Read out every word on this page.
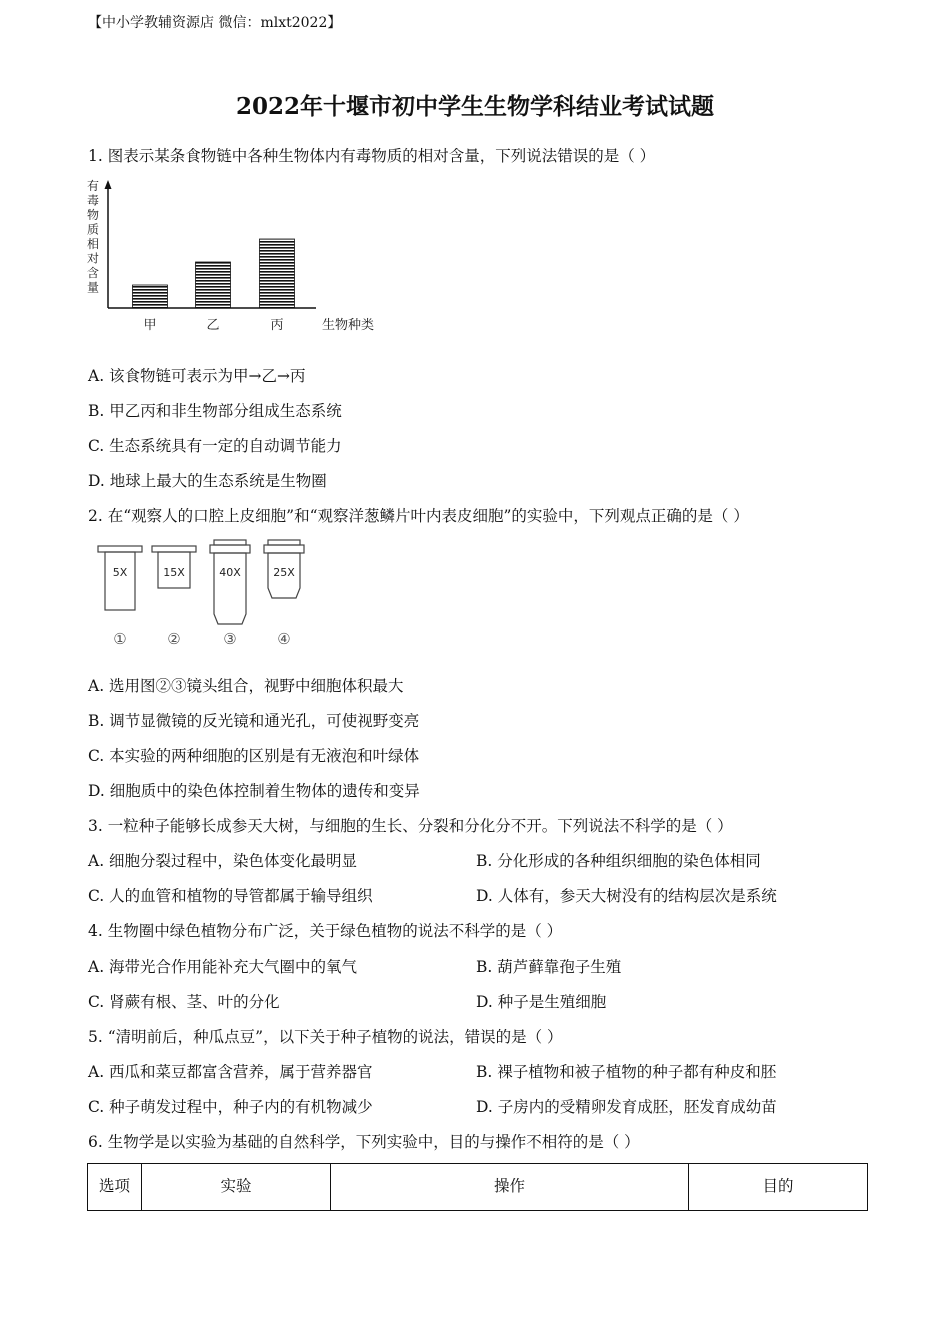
【中小学教辅资源店 微信：mlxt2022】
2022年十堰市初中学生生物学科结业考试试题
1. 图表示某条食物链中各种生物体内有毒物质的相对含量，下列说法错误的是（ ）
有
毒
物
质
相
对
含
量
甲	乙	丙	生物种类
A. 该食物链可表示为甲→乙→丙
B. 甲乙丙和非生物部分组成生态系统
C. 生态系统具有一定的自动调节能力
D. 地球上最大的生态系统是生物圈
2. 在“观察人的口腔上皮细胞”和“观察洋葱鳞片叶内表皮细胞”的实验中，下列观点正确的是（ ）
5X	15X	40X	25X
①	②	③	④
A. 选用图②③镜头组合，视野中细胞体积最大
B. 调节显微镜的反光镜和通光孔，可使视野变亮
C. 本实验的两种细胞的区别是有无液泡和叶绿体
D. 细胞质中的染色体控制着生物体的遗传和变异
3. 一粒种子能够长成参天大树，与细胞的生长、分裂和分化分不开。下列说法不科学的是（ ）
A. 细胞分裂过程中，染色体变化最明显	B. 分化形成的各种组织细胞的染色体相同
C. 人的血管和植物的导管都属于输导组织	D. 人体有，参天大树没有的结构层次是系统
4. 生物圈中绿色植物分布广泛，关于绿色植物的说法不科学的是（ ）
A. 海带光合作用能补充大气圈中的氧气	B. 葫芦藓靠孢子生殖
C. 肾蕨有根、茎、叶的分化	D. 种子是生殖细胞
5. “清明前后，种瓜点豆”，以下关于种子植物的说法，错误的是（ ）
A. 西瓜和菜豆都富含营养，属于营养器官	B. 裸子植物和被子植物的种子都有种皮和胚
C. 种子萌发过程中，种子内的有机物减少	D. 子房内的受精卵发育成胚，胚发育成幼苗
6. 生物学是以实验为基础的自然科学，下列实验中，目的与操作不相符的是（ ）
选项	实验	操作	目的
